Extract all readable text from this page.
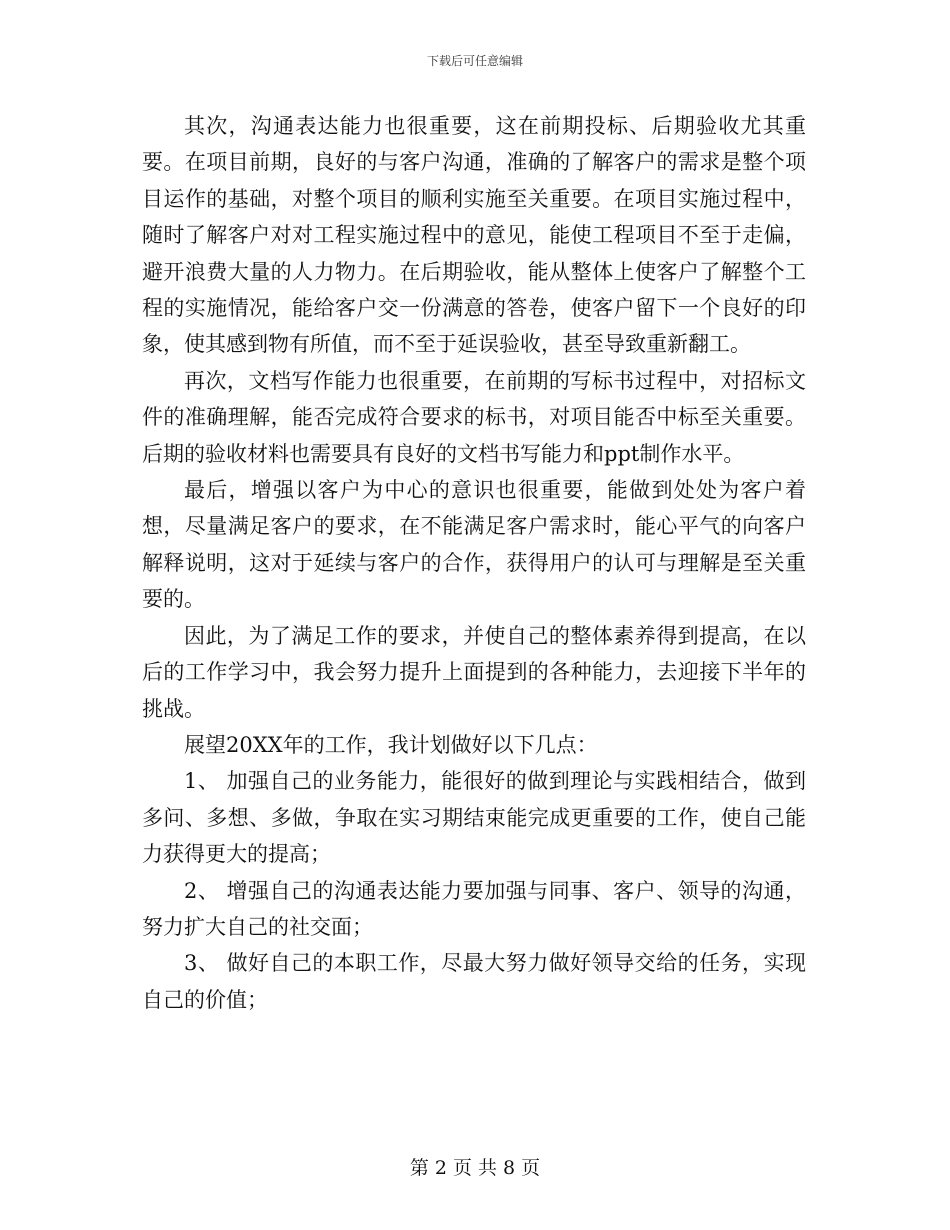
下载后可任意编辑

其次，沟通表达能力也很重要，这在前期投标、后期验收尤其重要。在项目前期，良好的与客户沟通，准确的了解客户的需求是整个项目运作的基础，对整个项目的顺利实施至关重要。在项目实施过程中，随时了解客户对对工程实施过程中的意见，能使工程项目不至于走偏，避开浪费大量的人力物力。在后期验收，能从整体上使客户了解整个工程的实施情况，能给客户交一份满意的答卷，使客户留下一个良好的印象，使其感到物有所值，而不至于延误验收，甚至导致重新翻工。

再次，文档写作能力也很重要，在前期的写标书过程中，对招标文件的准确理解，能否完成符合要求的标书，对项目能否中标至关重要。后期的验收材料也需要具有良好的文档书写能力和ppt制作水平。

最后，增强以客户为中心的意识也很重要，能做到处处为客户着想，尽量满足客户的要求，在不能满足客户需求时，能心平气的向客户解释说明，这对于延续与客户的合作，获得用户的认可与理解是至关重要的。

因此，为了满足工作的要求，并使自己的整体素养得到提高，在以后的工作学习中，我会努力提升上面提到的各种能力，去迎接下半年的挑战。

展望20XX年的工作，我计划做好以下几点：

1、 加强自己的业务能力，能很好的做到理论与实践相结合，做到多问、多想、多做，争取在实习期结束能完成更重要的工作，使自己能力获得更大的提高；

2、 增强自己的沟通表达能力要加强与同事、客户、领导的沟通，努力扩大自己的社交面；

3、 做好自己的本职工作，尽最大努力做好领导交给的任务，实现自己的价值；

第 2 页 共 8 页
